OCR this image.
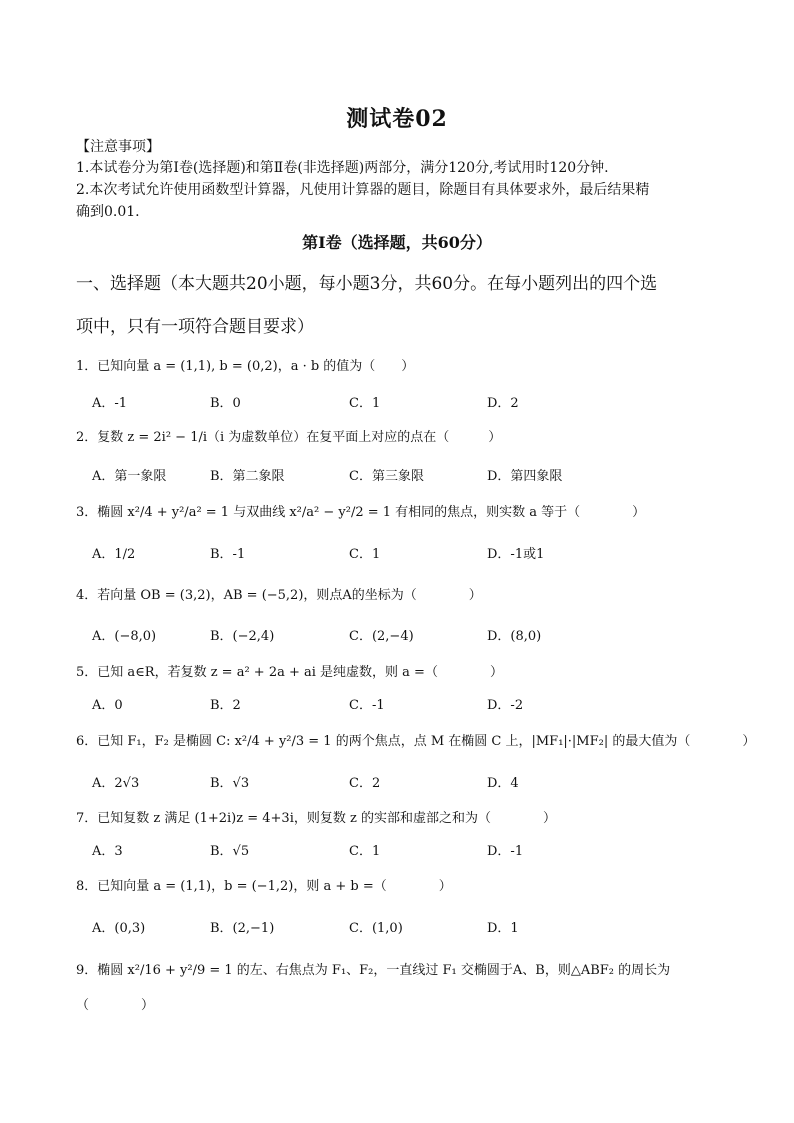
测试卷02
【注意事项】
1.本试卷分为第Ⅰ卷(选择题)和第Ⅱ卷(非选择题)两部分，满分120分,考试用时120分钟.
2.本次考试允许使用函数型计算器，凡使用计算器的题目，除题目有具体要求外，最后结果精
确到0.01.
第Ⅰ卷（选择题，共60分）
一、选择题（本大题共20小题，每小题3分，共60分。在每小题列出的四个选
项中，只有一项符合题目要求）
1．已知向量 a = (1,1), b = (0,2)，a · b 的值为（　　）
A．-1	B．0	C．1	D．2
2．复数 z = 2i² − 1/i（i 为虚数单位）在复平面上对应的点在（　　　）
A．第一象限	B．第二象限	C．第三象限	D．第四象限
3．椭圆 x²/4 + y²/a² = 1 与双曲线 x²/a² − y²/2 = 1 有相同的焦点，则实数 a 等于（　　　　）
A．1/2	B．-1	C．1	D．-1或1
4．若向量 OB = (3,2)，AB = (−5,2)，则点A的坐标为（　　　　）
A．(−8,0)	B．(−2,4)	C．(2,−4)	D．(8,0)
5．已知 a∈R，若复数 z = a² + 2a + ai 是纯虚数，则 a =（　　　　）
A．0	B．2	C．-1	D．-2
6．已知 F₁，F₂ 是椭圆 C: x²/4 + y²/3 = 1 的两个焦点，点 M 在椭圆 C 上，|MF₁|·|MF₂| 的最大值为（　　　　）
A．2√3	B．√3	C．2	D．4
7．已知复数 z 满足 (1+2i)z = 4+3i，则复数 z 的实部和虚部之和为（　　　　）
A．3	B．√5	C．1	D．-1
8．已知向量 a = (1,1)，b = (−1,2)，则 a + b =（　　　　）
A．(0,3)	B．(2,−1)	C．(1,0)	D．1
9．椭圆 x²/16 + y²/9 = 1 的左、右焦点为 F₁、F₂，一直线过 F₁ 交椭圆于A、B，则△ABF₂ 的周长为
（　　　　）
